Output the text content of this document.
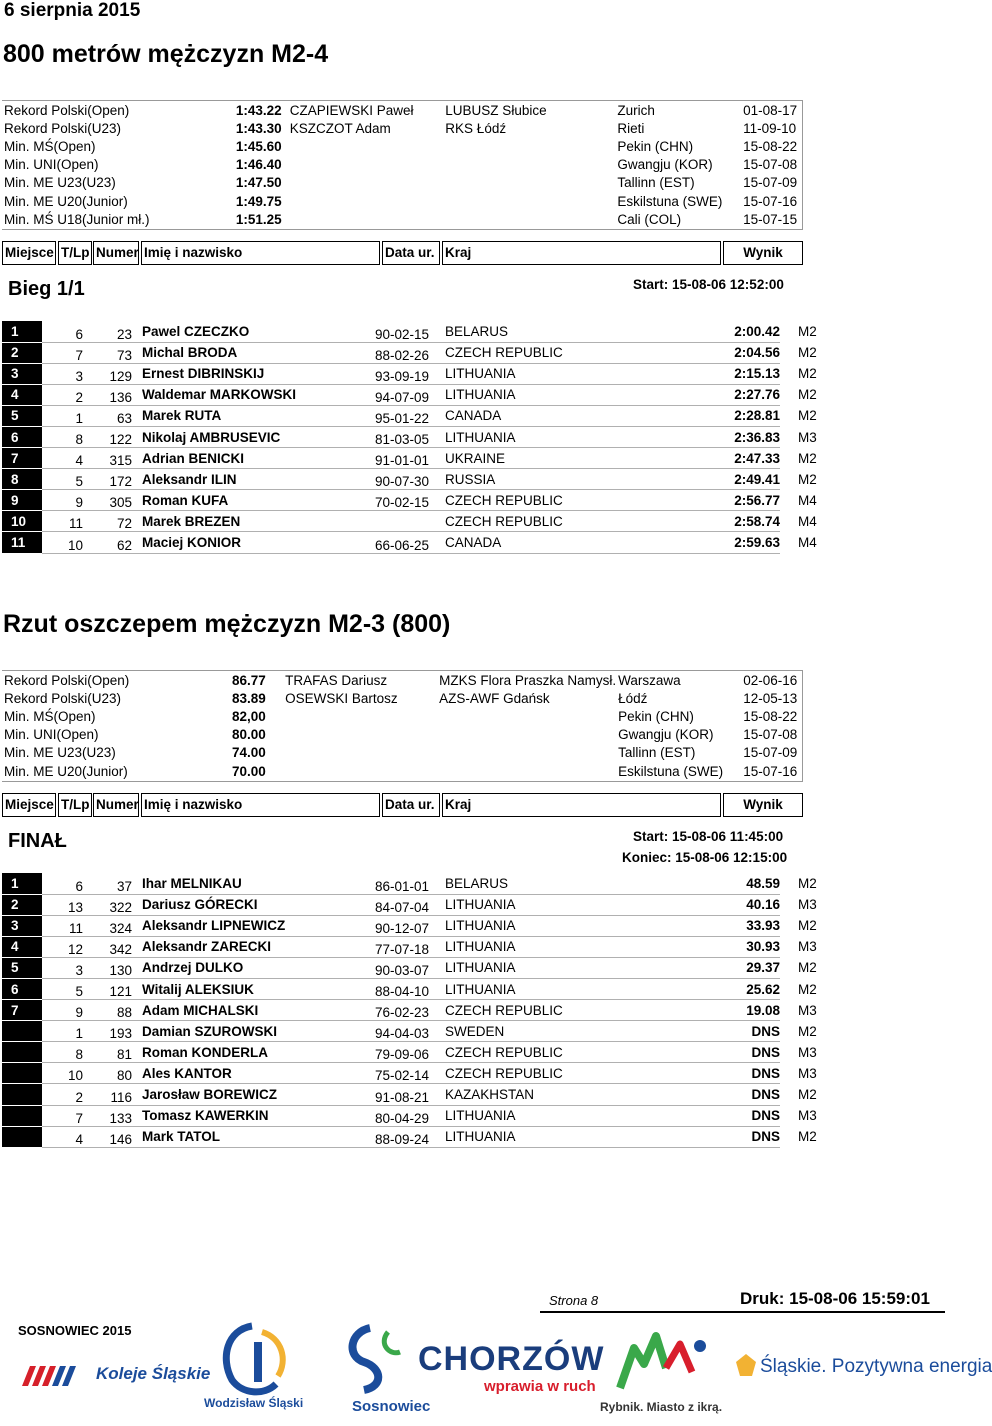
6 sierpnia 2015
800 metrów mężczyzn M2-4
Rekord Polski(Open)	1:43.22	CZAPIEWSKI Paweł	LUBUSZ Słubice	Zurich	01-08-17
Rekord Polski(U23)	1:43.30	KSZCZOT Adam	RKS Łódź	Rieti	11-09-10
Min. MŚ(Open)	1:45.60			Pekin (CHN)	15-08-22
Min. UNI(Open)	1:46.40			Gwangju (KOR)	15-07-08
Min. ME U23(U23)	1:47.50			Tallinn (EST)	15-07-09
Min. ME U20(Junior)	1:49.75			Eskilstuna (SWE)	15-07-16
Min. MŚ U18(Junior mł.)	1:51.25			Cali (COL)	15-07-15
Miejsce T/Lp Numer Imię i nazwisko	Data ur. Kraj	Wynik
Bieg 1/1	Start: 15-08-06 12:52:00
1	6	23	Pawel CZECZKO	90-02-15	BELARUS	2:00.42	M2
2	7	73	Michal BRODA	88-02-26	CZECH REPUBLIC	2:04.56	M2
3	3	129	Ernest DIBRINSKIJ	93-09-19	LITHUANIA	2:15.13	M2
4	2	136	Waldemar MARKOWSKI	94-07-09	LITHUANIA	2:27.76	M2
5	1	63	Marek RUTA	95-01-22	CANADA	2:28.81	M2
6	8	122	Nikolaj AMBRUSEVIC	81-03-05	LITHUANIA	2:36.83	M3
7	4	315	Adrian BENICKI	91-01-01	UKRAINE	2:47.33	M2
8	5	172	Aleksandr ILIN	90-07-30	RUSSIA	2:49.41	M2
9	9	305	Roman KUFA	70-02-15	CZECH REPUBLIC	2:56.77	M4
10	11	72	Marek BREZEN		CZECH REPUBLIC	2:58.74	M4
11	10	62	Maciej KONIOR	66-06-25	CANADA	2:59.63	M4
Rzut oszczepem mężczyzn M2-3 (800)
Rekord Polski(Open)	86.77	TRAFAS Dariusz	MZKS Flora Praszka Namysł.	Warszawa	02-06-16
Rekord Polski(U23)	83.89	OSEWSKI Bartosz	AZS-AWF Gdańsk	Łódź	12-05-13
Min. MŚ(Open)	82,00			Pekin (CHN)	15-08-22
Min. UNI(Open)	80.00			Gwangju (KOR)	15-07-08
Min. ME U23(U23)	74.00			Tallinn (EST)	15-07-09
Min. ME U20(Junior)	70.00			Eskilstuna (SWE)	15-07-16
Miejsce T/Lp Numer Imię i nazwisko	Data ur. Kraj	Wynik
FINAŁ	Start: 15-08-06 11:45:00
Koniec: 15-08-06 12:15:00
1	6	37	Ihar MELNIKAU	86-01-01	BELARUS	48.59	M2
2	13	322	Dariusz GÓRECKI	84-07-04	LITHUANIA	40.16	M3
3	11	324	Aleksandr LIPNEWICZ	90-12-07	LITHUANIA	33.93	M2
4	12	342	Aleksandr ZARECKI	77-07-18	LITHUANIA	30.93	M3
5	3	130	Andrzej DULKO	90-03-07	LITHUANIA	29.37	M2
6	5	121	Witalij ALEKSIUK	88-04-10	LITHUANIA	25.62	M2
7	9	88	Adam MICHALSKI	76-02-23	CZECH REPUBLIC	19.08	M3
	1	193	Damian SZUROWSKI	94-04-03	SWEDEN	DNS	M2
	8	81	Roman KONDERLA	79-09-06	CZECH REPUBLIC	DNS	M3
	10	80	Ales KANTOR	75-02-14	CZECH REPUBLIC	DNS	M3
	2	116	Jarosław BOREWICZ	91-08-21	KAZAKHSTAN	DNS	M2
	7	133	Tomasz KAWERKIN	80-04-29	LITHUANIA	DNS	M3
	4	146	Mark TATOL	88-09-24	LITHUANIA	DNS	M2
Strona 8	Druk: 15-08-06 15:59:01
SOSNOWIEC 2015
Koleje Śląskie
Wodzisław Śląski	Sosnowiec
CHORZÓW
wprawia w ruch
Rybnik. Miasto z ikrą.
Śląskie. Pozytywna energia
